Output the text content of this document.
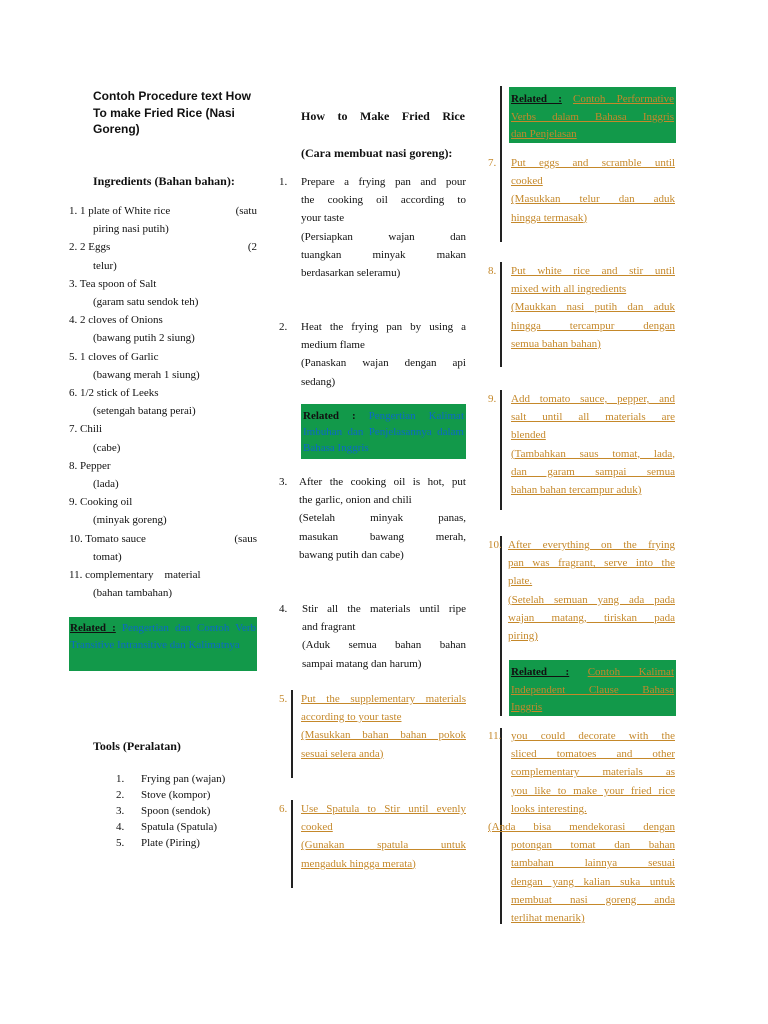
Contoh Procedure text How
To make Fried Rice (Nasi
Goreng)
Ingredients (Bahan bahan):
1. 1 plate of White rice	(satu
piring nasi putih)
2. 2 Eggs	(2
telur)
3. Tea spoon of Salt
(garam satu sendok teh)
4. 2 cloves of Onions
(bawang putih 2 siung)
5. 1 cloves of Garlic
(bawang merah 1 siung)
6. 1/2 stick of Leeks
(setengah batang perai)
7. Chili
(cabe)
8. Pepper
(lada)
9. Cooking oil
(minyak goreng)
10. Tomato sauce	(saus
tomat)
11. complementary    material
(bahan tambahan)
Related : Pengertian dan Contoh Verb Transitive Intransitive dan Kalimatnya
Tools (Peralatan)
1.	Frying pan (wajan)
2.	Stove (kompor)
3.	Spoon (sendok)
4.	Spatula (Spatula)
5.	Plate (Piring)
How to Make Fried Rice
(Cara membuat nasi goreng):
1. Prepare a frying pan and pour
the cooking oil according to
your taste
(Persiapkan wajan dan
tuangkan minyak makan
berdasarkan seleramu)
2. Heat the frying pan by using a
medium flame
(Panaskan wajan dengan api
sedang)
Related : Pengertian Kalimat Imbuhan dan Penjelasannya dalam Bahasa Inggris
3. After the cooking oil is hot, put
the garlic, onion and chili
(Setelah minyak panas,
masukan bawang merah,
bawang putih dan cabe)
4. Stir all the materials until ripe
and fragrant
(Aduk semua bahan bahan
sampai matang dan harum)
5. Put the supplementary materials
according to your taste
(Masukkan bahan bahan pokok
sesuai selera anda)
6. Use Spatula to Stir until evenly
cooked
(Gunakan spatula untuk
mengaduk hingga merata)
Related : Contoh Performative
Verbs dalam Bahasa Inggris
dan Penjelasan
7. Put eggs and scramble until
cooked
(Masukkan telur dan aduk
hingga termasak)
8. Put white rice and stir until
mixed with all ingredients
(Maukkan nasi putih dan aduk
hingga tercampur dengan
semua bahan bahan)
9. Add tomato sauce, pepper, and
salt until all materials are
blended
(Tambahkan saus tomat, lada,
dan garam sampai semua
bahan bahan tercampur aduk)
10. After everything on the frying
pan was fragrant, serve into the
plate.
(Setelah semuan yang ada pada
wajan matang, tiriskan pada
piring)
Related : Contoh Kalimat
Independent Clause Bahasa
Inggris
11. you could decorate with the
sliced tomatoes and other
complementary materials as
you like to make your fried rice
looks interesting.
(Anda bisa mendekorasi dengan
potongan tomat dan bahan
tambahan lainnya sesuai
dengan yang kalian suka untuk
membuat nasi goreng anda
terlihat menarik)
